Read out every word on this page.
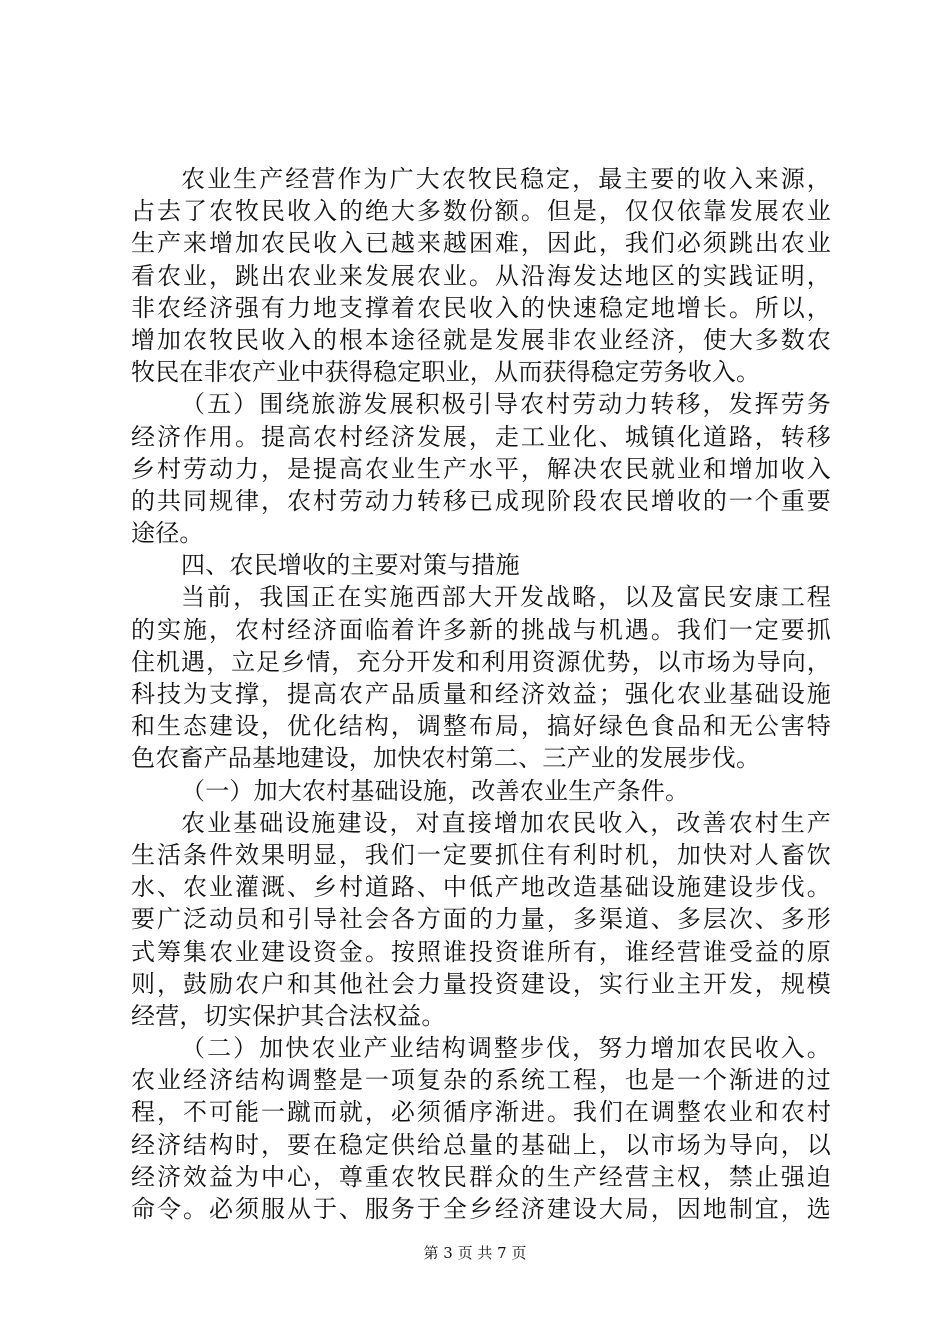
农业生产经营作为广大农牧民稳定，最主要的收入来源，
占去了农牧民收入的绝大多数份额。但是，仅仅依靠发展农业
生产来增加农民收入已越来越困难，因此，我们必须跳出农业
看农业，跳出农业来发展农业。从沿海发达地区的实践证明，
非农经济强有力地支撑着农民收入的快速稳定地增长。所以，
增加农牧民收入的根本途径就是发展非农业经济，使大多数农
牧民在非农产业中获得稳定职业，从而获得稳定劳务收入。
（五）围绕旅游发展积极引导农村劳动力转移，发挥劳务
经济作用。提高农村经济发展，走工业化、城镇化道路，转移
乡村劳动力，是提高农业生产水平，解决农民就业和增加收入
的共同规律，农村劳动力转移已成现阶段农民增收的一个重要
途径。
四、农民增收的主要对策与措施
当前，我国正在实施西部大开发战略，以及富民安康工程
的实施，农村经济面临着许多新的挑战与机遇。我们一定要抓
住机遇，立足乡情，充分开发和利用资源优势，以市场为导向，
科技为支撑，提高农产品质量和经济效益；强化农业基础设施
和生态建设，优化结构，调整布局，搞好绿色食品和无公害特
色农畜产品基地建设，加快农村第二、三产业的发展步伐。
（一）加大农村基础设施，改善农业生产条件。
农业基础设施建设，对直接增加农民收入，改善农村生产
生活条件效果明显，我们一定要抓住有利时机，加快对人畜饮
水、农业灌溉、乡村道路、中低产地改造基础设施建设步伐。
要广泛动员和引导社会各方面的力量，多渠道、多层次、多形
式筹集农业建设资金。按照谁投资谁所有，谁经营谁受益的原
则，鼓励农户和其他社会力量投资建设，实行业主开发，规模
经营，切实保护其合法权益。
（二）加快农业产业结构调整步伐，努力增加农民收入。
农业经济结构调整是一项复杂的系统工程，也是一个渐进的过
程，不可能一蹴而就，必须循序渐进。我们在调整农业和农村
经济结构时，要在稳定供给总量的基础上，以市场为导向，以
经济效益为中心，尊重农牧民群众的生产经营主权，禁止强迫
命令。必须服从于、服务于全乡经济建设大局，因地制宜，选
第 3 页 共 7 页
